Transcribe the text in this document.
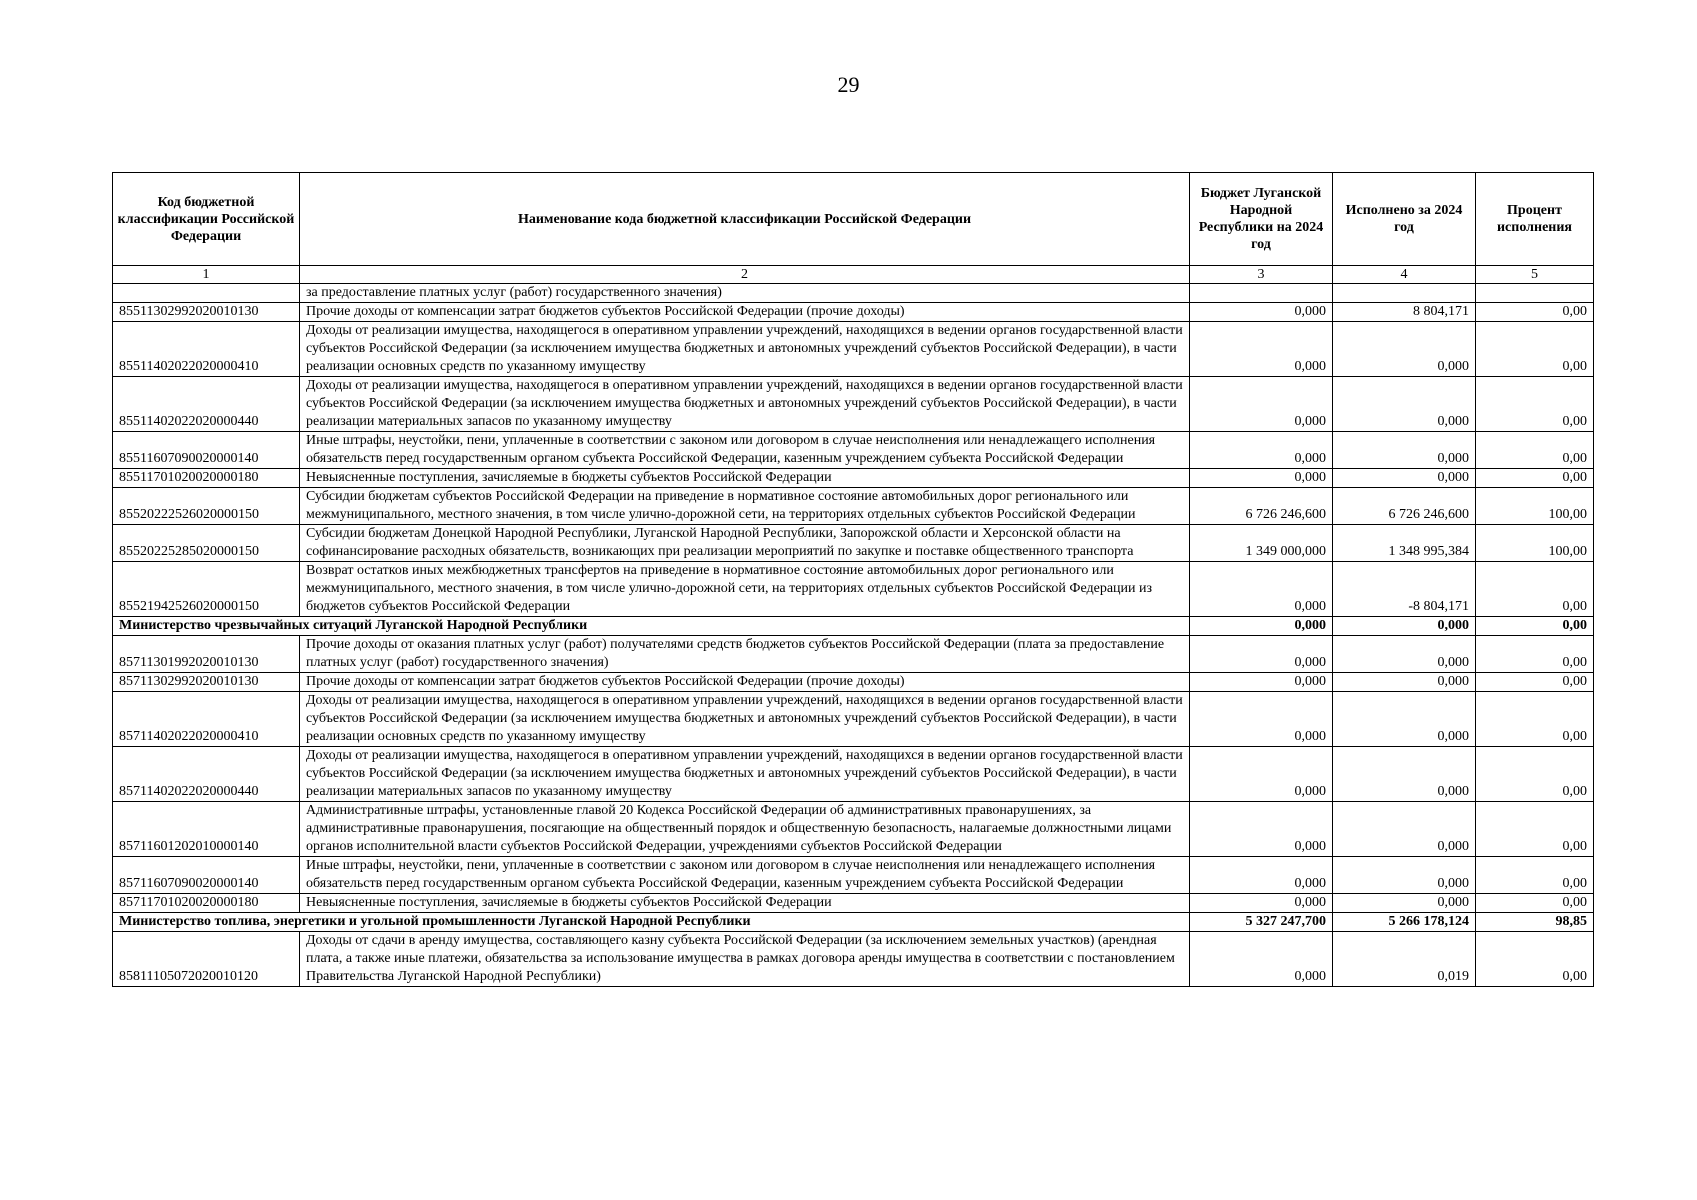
29
Код бюджетной классификации Российской Федерации	Наименование кода бюджетной классификации Российской Федерации	Бюджет Луганской Народной Республики на 2024 год	Исполнено за 2024 год	Процент исполнения
1	2	3	4	5
	за предоставление платных услуг (работ) государственного значения)			
85511302992020010130	Прочие доходы от компенсации затрат бюджетов субъектов Российской Федерации (прочие доходы)	0,000	8 804,171	0,00
85511402022020000410	Доходы от реализации имущества, находящегося в оперативном управлении учреждений, находящихся в ведении органов государственной власти субъектов Российской Федерации (за исключением имущества бюджетных и автономных учреждений субъектов Российской Федерации), в части реализации основных средств по указанному имуществу	0,000	0,000	0,00
85511402022020000440	Доходы от реализации имущества, находящегося в оперативном управлении учреждений, находящихся в ведении органов государственной власти субъектов Российской Федерации (за исключением имущества бюджетных и автономных учреждений субъектов Российской Федерации), в части реализации материальных запасов по указанному имуществу	0,000	0,000	0,00
85511607090020000140	Иные штрафы, неустойки, пени, уплаченные в соответствии с законом или договором в случае неисполнения или ненадлежащего исполнения обязательств перед государственным органом субъекта Российской Федерации, казенным учреждением субъекта Российской Федерации	0,000	0,000	0,00
85511701020020000180	Невыясненные поступления, зачисляемые в бюджеты субъектов Российской Федерации	0,000	0,000	0,00
85520222526020000150	Субсидии бюджетам субъектов Российской Федерации на приведение в нормативное состояние автомобильных дорог регионального или межмуниципального, местного значения, в том числе улично-дорожной сети, на территориях отдельных субъектов Российской Федерации	6 726 246,600	6 726 246,600	100,00
85520225285020000150	Субсидии бюджетам Донецкой Народной Республики, Луганской Народной Республики, Запорожской области и Херсонской области на софинансирование расходных обязательств, возникающих при реализации мероприятий по закупке и поставке общественного транспорта	1 349 000,000	1 348 995,384	100,00
85521942526020000150	Возврат остатков иных межбюджетных трансфертов на приведение в нормативное состояние автомобильных дорог регионального или межмуниципального, местного значения, в том числе улично-дорожной сети, на территориях отдельных субъектов Российской Федерации из бюджетов субъектов Российской Федерации	0,000	-8 804,171	0,00
Министерство чрезвычайных ситуаций Луганской Народной Республики		0,000	0,000	0,00
85711301992020010130	Прочие доходы от оказания платных услуг (работ) получателями средств бюджетов субъектов Российской Федерации (плата за предоставление платных услуг (работ) государственного значения)	0,000	0,000	0,00
85711302992020010130	Прочие доходы от компенсации затрат бюджетов субъектов Российской Федерации (прочие доходы)	0,000	0,000	0,00
85711402022020000410	Доходы от реализации имущества, находящегося в оперативном управлении учреждений, находящихся в ведении органов государственной власти субъектов Российской Федерации (за исключением имущества бюджетных и автономных учреждений субъектов Российской Федерации), в части реализации основных средств по указанному имуществу	0,000	0,000	0,00
85711402022020000440	Доходы от реализации имущества, находящегося в оперативном управлении учреждений, находящихся в ведении органов государственной власти субъектов Российской Федерации (за исключением имущества бюджетных и автономных учреждений субъектов Российской Федерации), в части реализации материальных запасов по указанному имуществу	0,000	0,000	0,00
85711601202010000140	Административные штрафы, установленные главой 20 Кодекса Российской Федерации об административных правонарушениях, за административные правонарушения, посягающие на общественный порядок и общественную безопасность, налагаемые должностными лицами органов исполнительной власти субъектов Российской Федерации, учреждениями субъектов Российской Федерации	0,000	0,000	0,00
85711607090020000140	Иные штрафы, неустойки, пени, уплаченные в соответствии с законом или договором в случае неисполнения или ненадлежащего исполнения обязательств перед государственным органом субъекта Российской Федерации, казенным учреждением субъекта Российской Федерации	0,000	0,000	0,00
85711701020020000180	Невыясненные поступления, зачисляемые в бюджеты субъектов Российской Федерации	0,000	0,000	0,00
Министерство топлива, энергетики и угольной промышленности Луганской Народной Республики		5 327 247,700	5 266 178,124	98,85
85811105072020010120	Доходы от сдачи в аренду имущества, составляющего казну субъекта Российской Федерации (за исключением земельных участков) (арендная плата, а также иные платежи, обязательства за использование имущества в рамках договора аренды имущества в соответствии с постановлением Правительства Луганской Народной Республики)	0,000	0,019	0,00
